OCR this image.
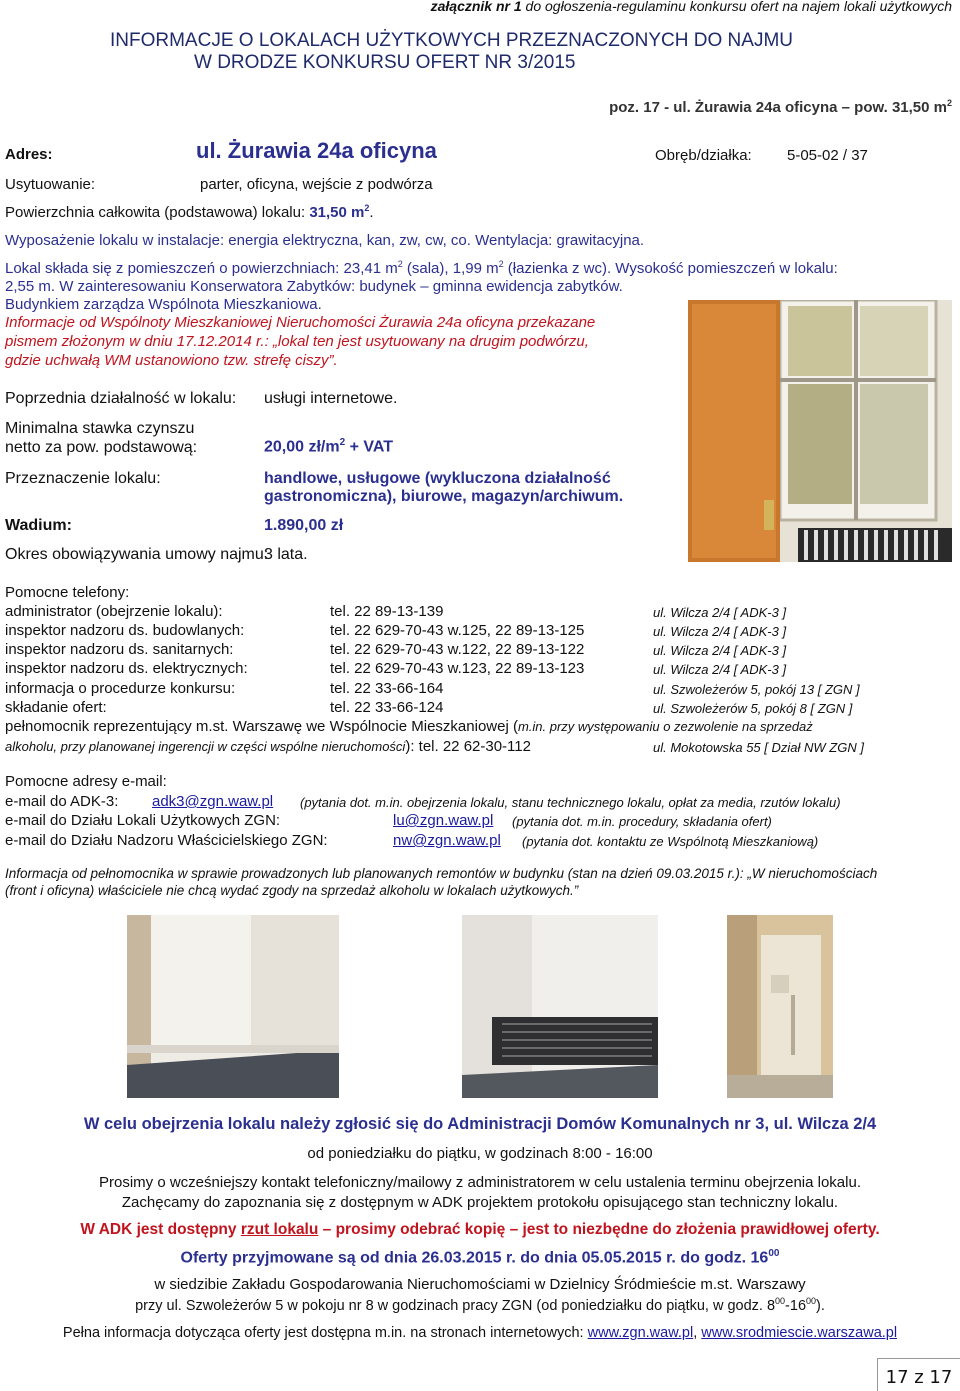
załącznik nr 1 do ogłoszenia-regulaminu konkursu ofert na najem lokali użytkowych
INFORMACJE O LOKALACH UŻYTKOWYCH PRZEZNACZONYCH DO NAJMU
W DRODZE KONKURSU OFERT NR 3/2015
poz. 17 - ul. Żurawia 24a oficyna – pow. 31,50 $m^2$
Adres:	ul. Żurawia 24a oficyna	Obręb/działka: 5-05-02 / 37
Usytuowanie:	parter, oficyna, wejście z podwórza
Powierzchnia całkowita (podstawowa) lokalu: 31,50 $m^2$.
Wyposażenie lokalu w instalacje: energia elektryczna, kan, zw, cw, co. Wentylacja: grawitacyjna.
Lokal składa się z pomieszczeń o powierzchniach: 23,41 $m^2$ (sala), 1,99 $m^2$ (łazienka z wc). Wysokość pomieszczeń w lokalu:
2,55 m. W zainteresowaniu Konserwatora Zabytków: budynek – gminna ewidencja zabytków.
Budynkiem zarządza Wspólnota Mieszkaniowa.
Informacje od Wspólnoty Mieszkaniowej Nieruchomości Żurawia 24a oficyna przekazane
pismem złożonym w dniu 17.12.2014 r.: „lokal ten jest usytuowany na drugim podwórzu,
gdzie uchwałą WM ustanowiono tzw. strefę ciszy”.
Poprzednia działalność w lokalu: usługi internetowe.
Minimalna stawka czynszu
netto za pow. podstawową:	20,00 $zł/m^2$ + VAT
Przeznaczenie lokalu:	handlowe, usługowe (wykluczona działalność
gastronomiczna), biurowe, magazyn/archiwum.
Wadium:	1.890,00 zł
Okres obowiązywania umowy najmu:
3 lata.
Pomocne telefony:
administrator (obejrzenie lokalu):	tel. 22 89-13-139	ul. Wilcza 2/4 [ ADK-3 ]
inspektor nadzoru ds. budowlanych:	tel. 22 629-70-43 w.125, 22 89-13-125	ul. Wilcza 2/4 [ ADK-3 ]
inspektor nadzoru ds. sanitarnych:	tel. 22 629-70-43 w.122, 22 89-13-122	ul. Wilcza 2/4 [ ADK-3 ]
inspektor nadzoru ds. elektrycznych:	tel. 22 629-70-43 w.123, 22 89-13-123	ul. Wilcza 2/4 [ ADK-3 ]
informacja o procedurze konkursu:	tel. 22 33-66-164	ul. Szwoleżerów 5, pokój 13 [ ZGN ]
składanie ofert:	tel. 22 33-66-124	ul. Szwoleżerów 5, pokój 8 [ ZGN ]
pełnomocnik reprezentujący m.st. Warszawę we Wspólnocie Mieszkaniowej (m.in. przy występowaniu o zezwolenie na sprzedaż
alkoholu, przy planowanej ingerencji w części wspólne nieruchomości): tel. 22 62-30-112	ul. Mokotowska 55 [ Dział NW ZGN ]
Pomocne adresy e-mail:
e-mail do ADK-3: adk3@zgn.waw.pl (pytania dot. m.in. obejrzenia lokalu, stanu technicznego lokalu, opłat za media, rzutów lokalu)
e-mail do Działu Lokali Użytkowych ZGN:	lu@zgn.waw.pl (pytania dot. m.in. procedury, składania ofert)
e-mail do Działu Nadzoru Właścicielskiego ZGN:	nw@zgn.waw.pl (pytania dot. kontaktu ze Wspólnotą Mieszkaniową)
Informacja od pełnomocnika w sprawie prowadzonych lub planowanych remontów w budynku (stan na dzień 09.03.2015 r.): „W nieruchomościach
(front i oficyna) właściciele nie chcą wydać zgody na sprzedaż alkoholu w lokalach użytkowych.”
W celu obejrzenia lokalu należy zgłosić się do Administracji Domów Komunalnych nr 3, ul. Wilcza 2/4
od poniedziałku do piątku, w godzinach 8:00 - 16:00
Prosimy o wcześniejszy kontakt telefoniczny/mailowy z administratorem w celu ustalenia terminu obejrzenia lokalu.
Zachęcamy do zapoznania się z dostępnym w ADK projektem protokołu opisującego stan techniczny lokalu.
W ADK jest dostępny rzut lokalu – prosimy odebrać kopię – jest to niezbędne do złożenia prawidłowej oferty.
Oferty przyjmowane są od dnia 26.03.2015 r. do dnia 05.05.2015 r. do godz. $16^{00}$
w siedzibie Zakładu Gospodarowania Nieruchomościami w Dzielnicy Śródmieście m.st. Warszawy
przy ul. Szwoleżerów 5 w pokoju nr 8 w godzinach pracy ZGN (od poniedziałku do piątku, w godz. $8^{00}-16^{00}$).
Pełna informacja dotycząca oferty jest dostępna m.in. na stronach internetowych: www.zgn.waw.pl, www.srodmiescie.warszawa.pl
17 z 17
